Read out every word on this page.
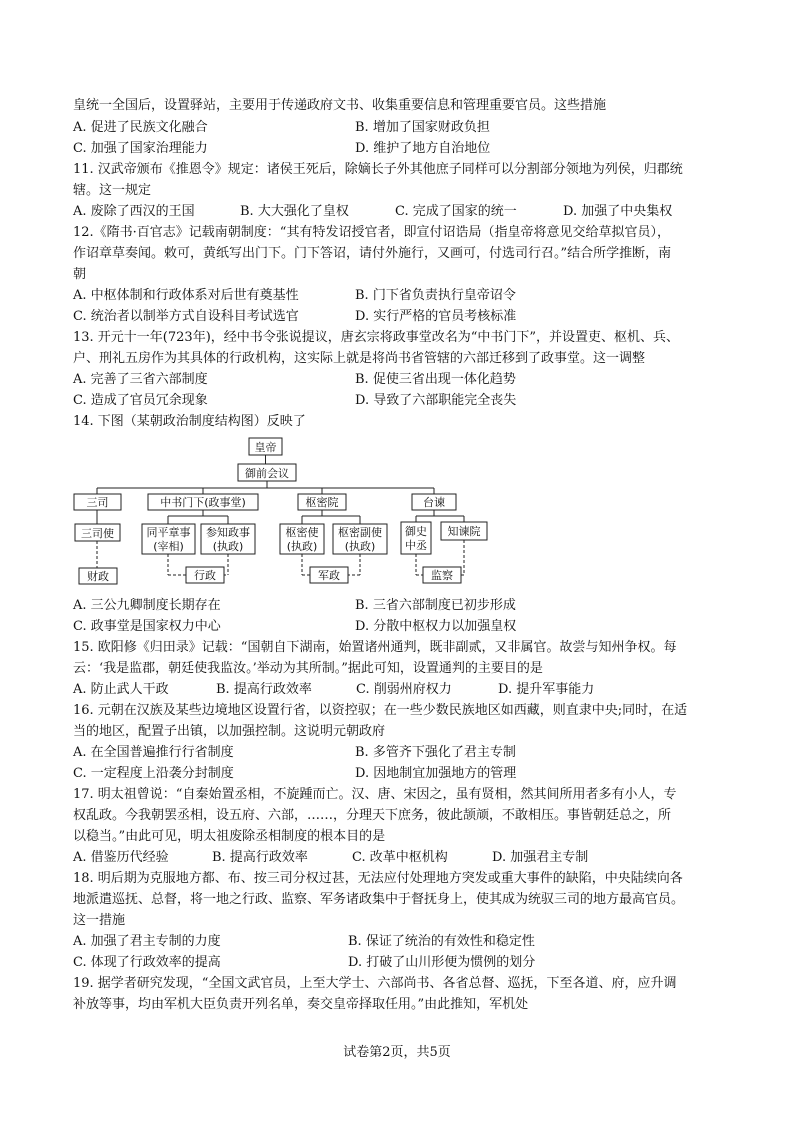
皇统一全国后，设置驿站，主要用于传递政府文书、收集重要信息和管理重要官员。这些措施
A. 促进了民族文化融合	B. 增加了国家财政负担
C. 加强了国家治理能力	D. 维护了地方自治地位
11. 汉武帝颁布《推恩令》规定：诸侯王死后，除嫡长子外其他庶子同样可以分割部分领地为列侯，归郡统
辖。这一规定
A. 废除了西汉的王国	B. 大大强化了皇权	C. 完成了国家的统一	D. 加强了中央集权
12.《隋书·百官志》记载南朝制度：“其有特发诏授官者，即宣付诏诰局（指皇帝将意见交给草拟官员），
作诏章草奏闻。敕可，黄纸写出门下。门下答诏，请付外施行，又画可，付选司行召。”结合所学推断，南
朝
A. 中枢体制和行政体系对后世有奠基性	B. 门下省负责执行皇帝诏令
C. 统治者以制举方式自设科目考试选官	D. 实行严格的官员考核标准
13. 开元十一年(723年)，经中书令张说提议，唐玄宗将政事堂改名为“中书门下”，并设置吏、枢机、兵、
户、刑礼五房作为其具体的行政机构，这实际上就是将尚书省管辖的六部迁移到了政事堂。这一调整
A. 完善了三省六部制度	B. 促使三省出现一体化趋势
C. 造成了官员冗余现象	D. 导致了六部职能完全丧失
14. 下图（某朝政治制度结构图）反映了
皇帝
御前会议
三司	中书门下(政事堂)	枢密院	台谏
三司使	同平章事
(宰相)
参知政事
(执政)
枢密使
(执政)
枢密副使
(执政)
御史
中丞
知谏院
财政	行政	军政	监察
A. 三公九卿制度长期存在	B. 三省六部制度已初步形成
C. 政事堂是国家权力中心	D. 分散中枢权力以加强皇权
15. 欧阳修《归田录》记载：“国朝自下湖南，始置诸州通判，既非副贰，又非属官。故尝与知州争权。每
云：‘我是监郡，朝廷使我监汝。’举动为其所制。”据此可知，设置通判的主要目的是
A. 防止武人干政	B. 提高行政效率	C. 削弱州府权力	D. 提升军事能力
16. 元朝在汉族及某些边境地区设置行省，以资控驭；在一些少数民族地区如西藏，则直隶中央;同时，在适
当的地区，配置子出镇，以加强控制。这说明元朝政府
A. 在全国普遍推行行省制度	B. 多管齐下强化了君主专制
C. 一定程度上沿袭分封制度	D. 因地制宜加强地方的管理
17. 明太祖曾说：“自秦始置丞相，不旋踵而亡。汉、唐、宋因之，虽有贤相，然其间所用者多有小人，专
权乱政。今我朝罢丞相，设五府、六部，……，分理天下庶务，彼此颉颃，不敢相压。事皆朝廷总之，所
以稳当。”由此可见，明太祖废除丞相制度的根本目的是
A. 借鉴历代经验	B. 提高行政效率	C. 改革中枢机构	D. 加强君主专制
18. 明后期为克服地方都、布、按三司分权过甚，无法应付处理地方突发或重大事件的缺陷，中央陆续向各
地派遣巡抚、总督，将一地之行政、监察、军务诸政集中于督抚身上，使其成为统驭三司的地方最高官员。
这一措施
A. 加强了君主专制的力度	B. 保证了统治的有效性和稳定性
C. 体现了行政效率的提高	D. 打破了山川形便为惯例的划分
19. 据学者研究发现，“全国文武官员，上至大学士、六部尚书、各省总督、巡抚，下至各道、府，应升调
补放等事，均由军机大臣负责开列名单，奏交皇帝择取任用。”由此推知，军机处
试卷第2页，共5页
